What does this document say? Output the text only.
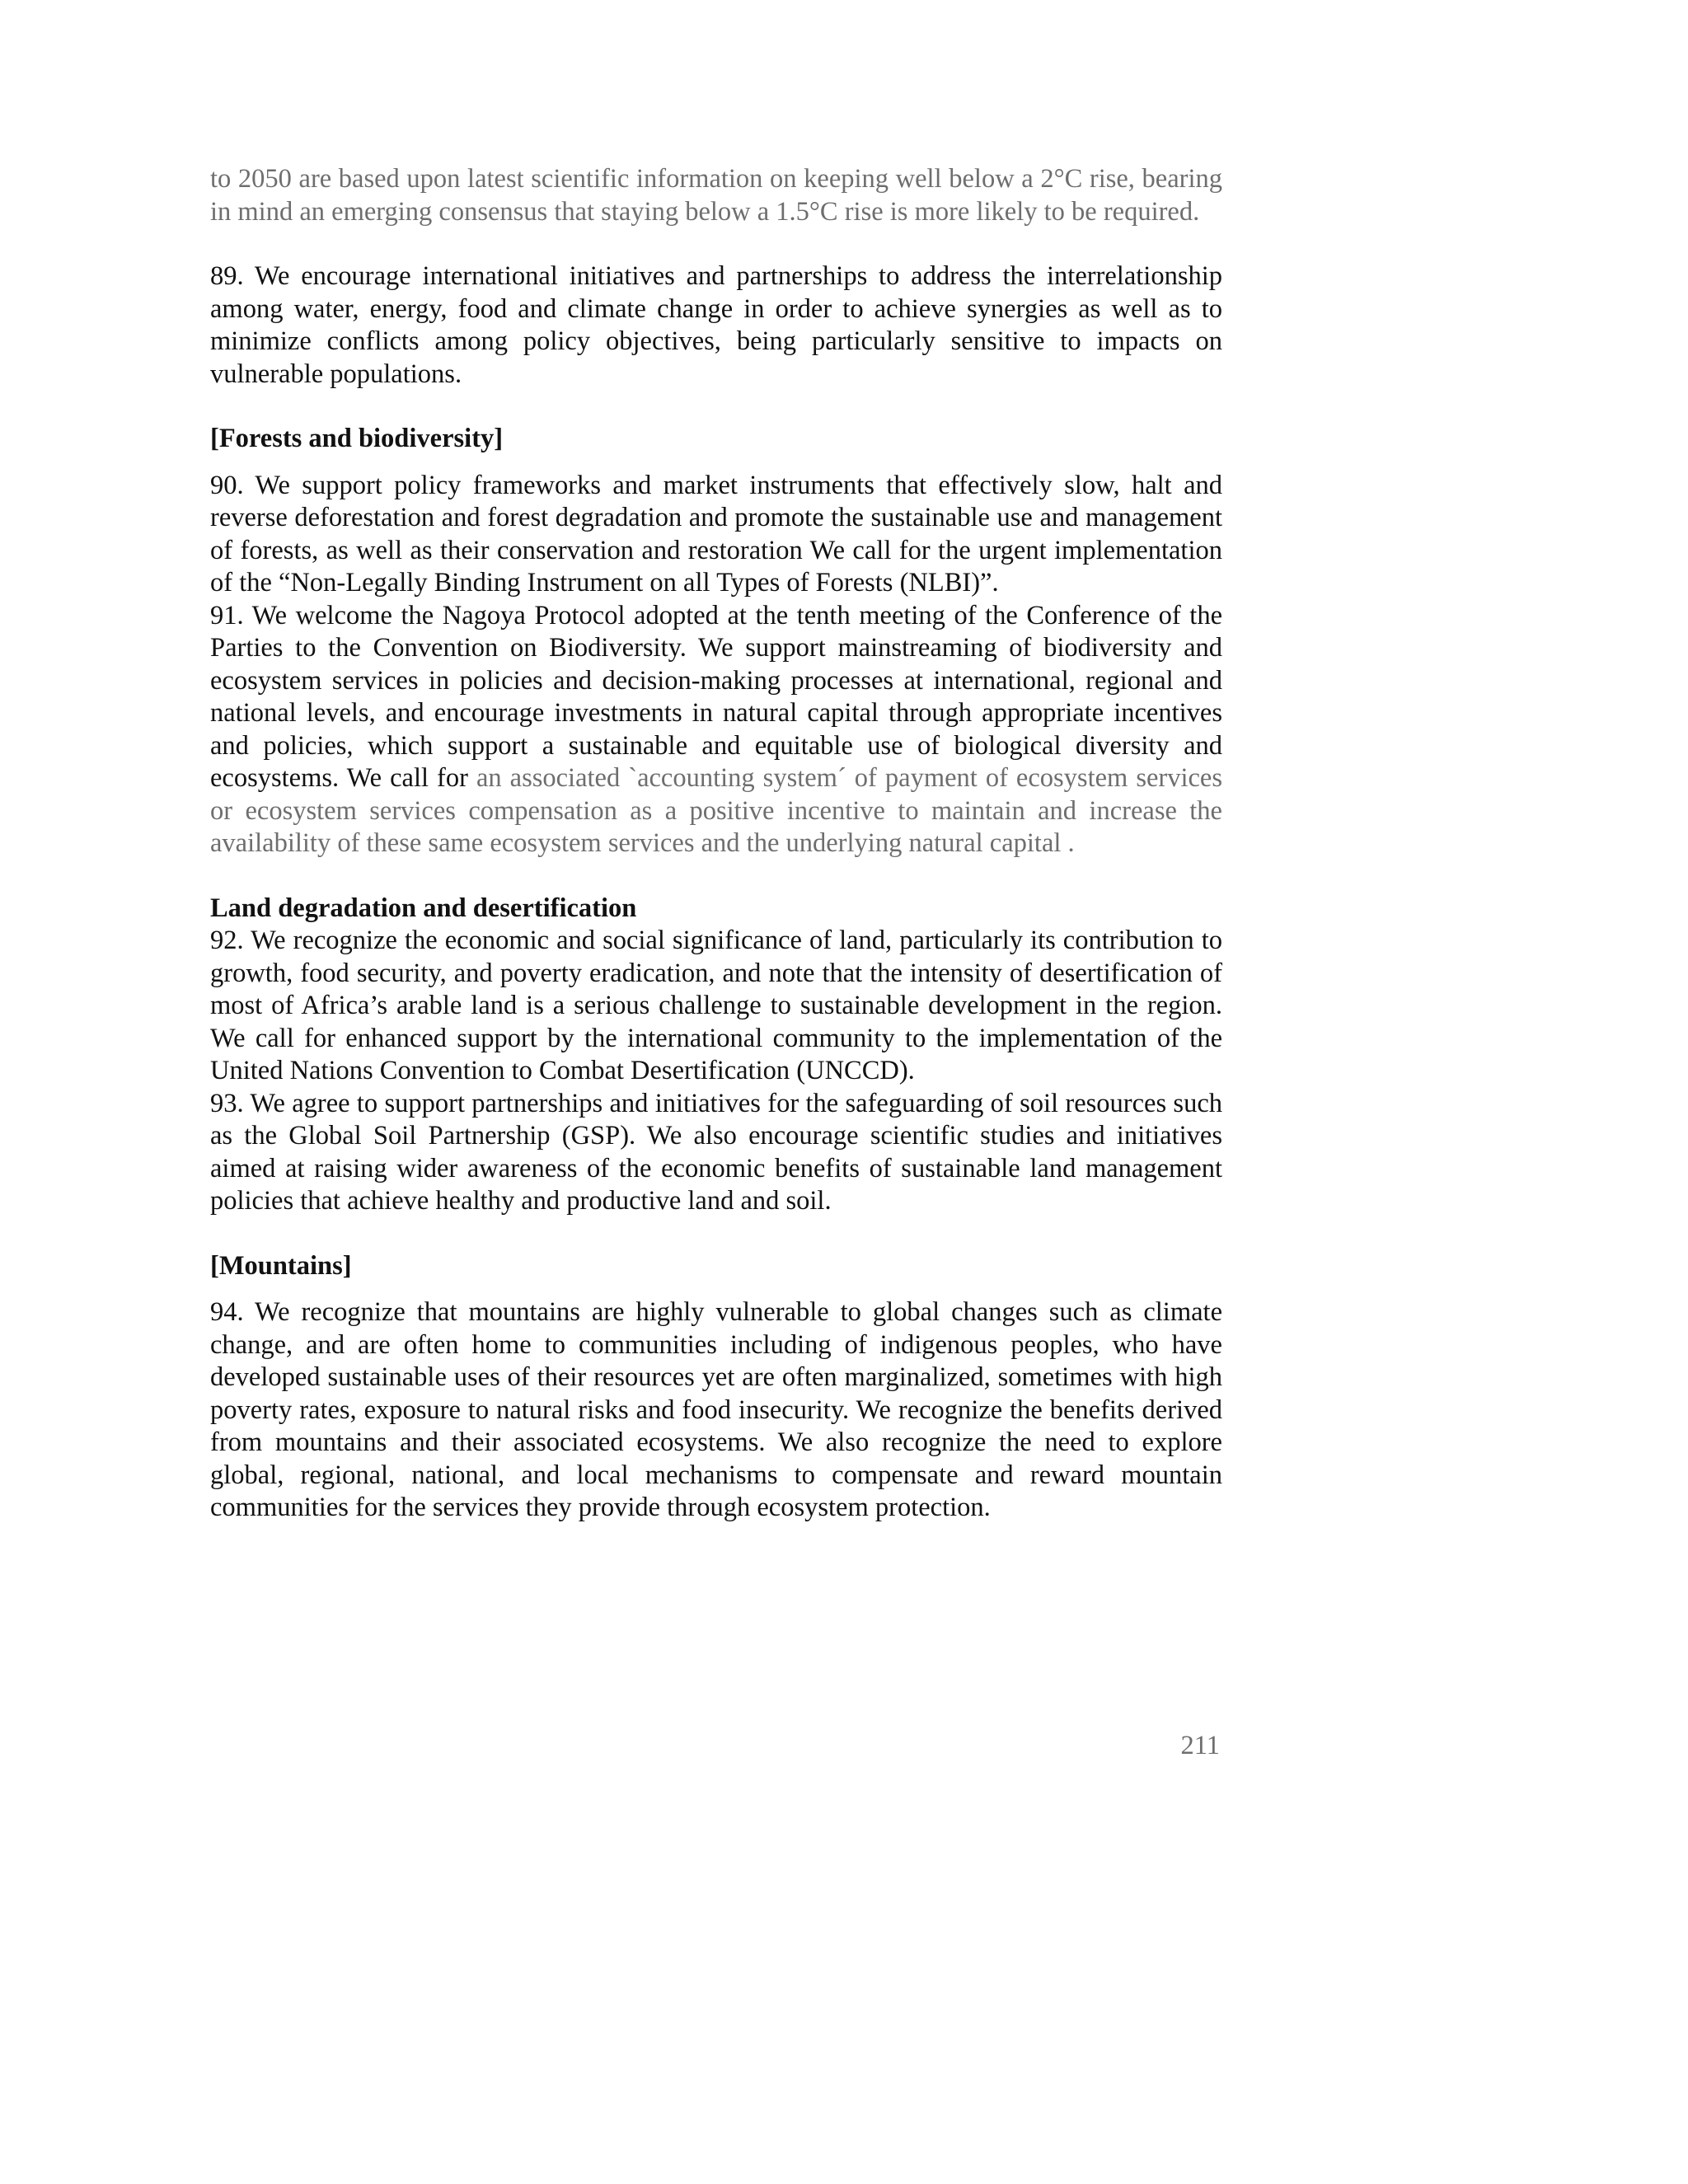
to 2050 are based upon latest scientific information on keeping well below a 2°C rise, bearing in mind an emerging consensus that staying below a 1.5°C rise is more likely to be required.

89. We encourage international initiatives and partnerships to address the interrelationship among water, energy, food and climate change in order to achieve synergies as well as to minimize conflicts among policy objectives, being particularly sensitive to impacts on vulnerable populations.

[Forests and biodiversity]

90. We support policy frameworks and market instruments that effectively slow, halt and reverse deforestation and forest degradation and promote the sustainable use and management of forests, as well as their conservation and restoration We call for the urgent implementation of the “Non-Legally Binding Instrument on all Types of Forests (NLBI)”.

91. We welcome the Nagoya Protocol adopted at the tenth meeting of the Conference of the Parties to the Convention on Biodiversity. We support mainstreaming of biodiversity and ecosystem services in policies and decision-making processes at international, regional and national levels, and encourage investments in natural capital through appropriate incentives and policies, which support a sustainable and equitable use of biological diversity and ecosystems. We call for an associated `accounting system´ of payment of ecosystem services or ecosystem services compensation as a positive incentive to maintain and increase the availability of these same ecosystem services and the underlying natural capital .

Land degradation and desertification

92. We recognize the economic and social significance of land, particularly its contribution to growth, food security, and poverty eradication, and note that the intensity of desertification of most of Africa’s arable land is a serious challenge to sustainable development in the region. We call for enhanced support by the international community to the implementation of the United Nations Convention to Combat Desertification (UNCCD).

93. We agree to support partnerships and initiatives for the safeguarding of soil resources such as the Global Soil Partnership (GSP). We also encourage scientific studies and initiatives aimed at raising wider awareness of the economic benefits of sustainable land management policies that achieve healthy and productive land and soil.

[Mountains]

94. We recognize that mountains are highly vulnerable to global changes such as climate change, and are often home to communities including of indigenous peoples, who have developed sustainable uses of their resources yet are often marginalized, sometimes with high poverty rates, exposure to natural risks and food insecurity. We recognize the benefits derived from mountains and their associated ecosystems. We also recognize the need to explore global, regional, national, and local mechanisms to compensate and reward mountain communities for the services they provide through ecosystem protection.

211
